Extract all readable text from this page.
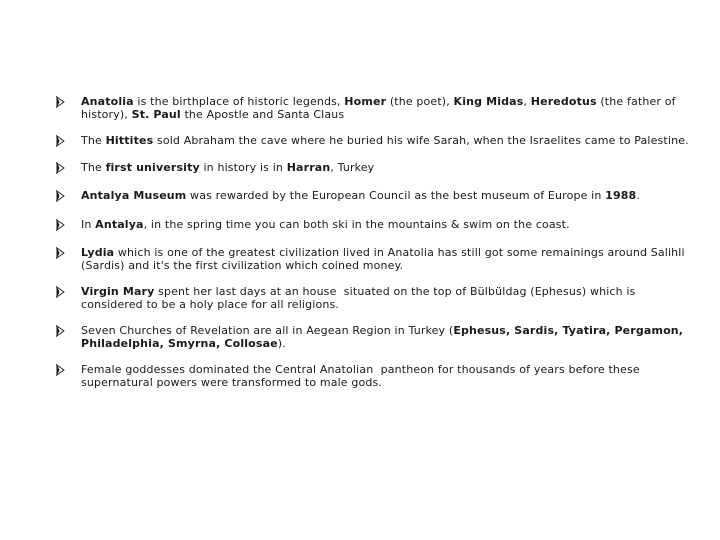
Anatolia is the birthplace of historic legends, Homer (the poet), King Midas, Heredotus (the father of history), St. Paul the Apostle and Santa Claus
The Hittites sold Abraham the cave where he buried his wife Sarah, when the Israelites came to Palestine.
The first university in history is in Harran, Turkey
Antalya Museum was rewarded by the European Council as the best museum of Europe in 1988.
In Antalya, in the spring time you can both ski in the mountains & swim on the coast.
Lydia which is one of the greatest civilization lived in Anatolia has still got some remainings around Salihli (Sardis) and it's the first civilization which coined money.
Virgin Mary spent her last days at an house  situated on the top of Bülbüldag (Ephesus) which is considered to be a holy place for all religions.
Seven Churches of Revelation are all in Aegean Region in Turkey (Ephesus, Sardis, Tyatira, Pergamon, Philadelphia, Smyrna, Collosae).
Female goddesses dominated the Central Anatolian  pantheon for thousands of years before these supernatural powers were transformed to male gods.
